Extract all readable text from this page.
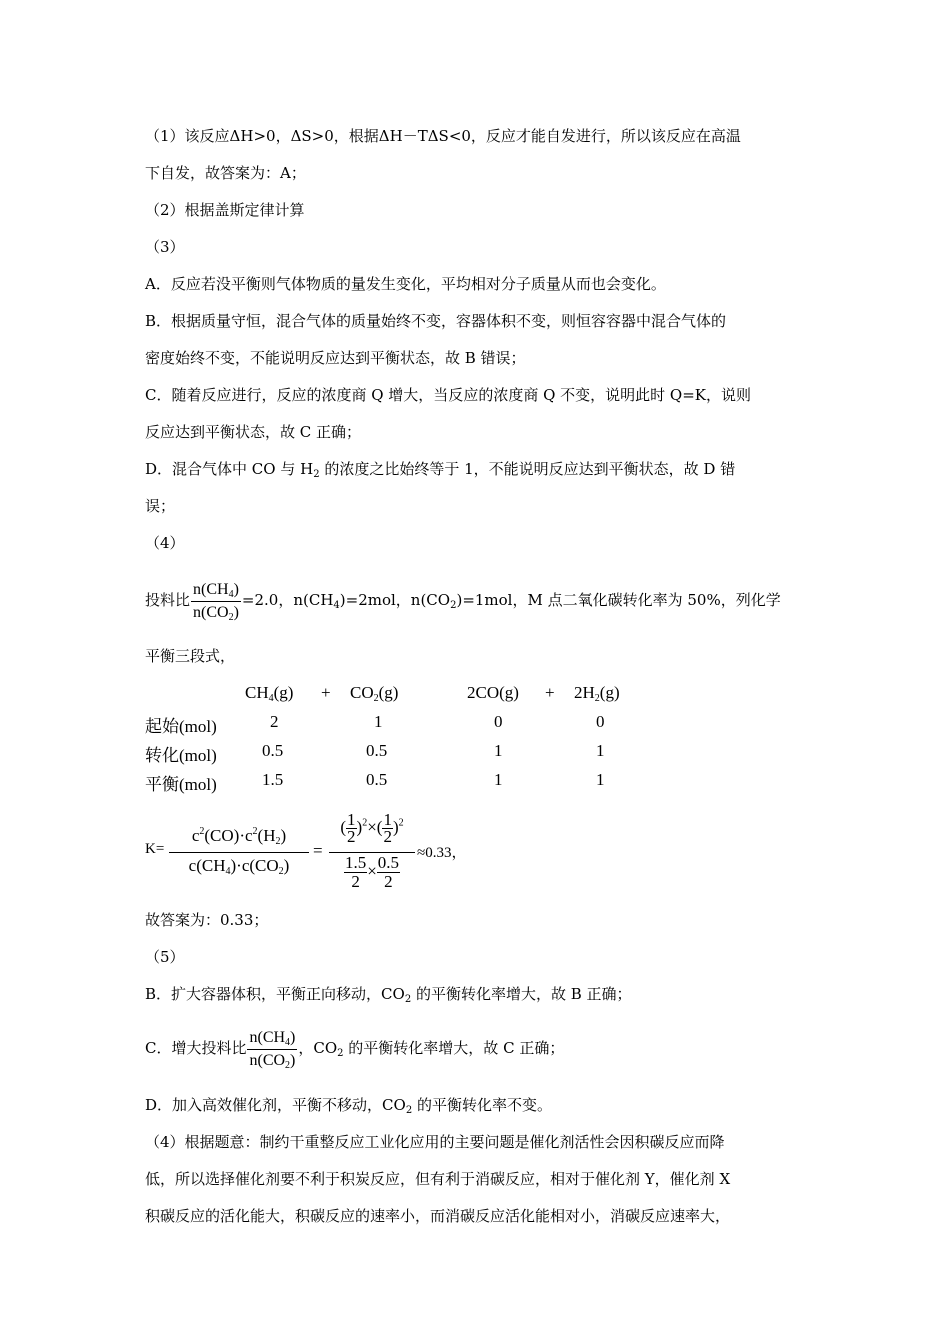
（1）该反应ΔH>0，ΔS>0，根据ΔH－TΔS<0，反应才能自发进行，所以该反应在高温
下自发，故答案为：A；
（2）根据盖斯定律计算
（3）
A．反应若没平衡则气体物质的量发生变化，平均相对分子质量从而也会变化。
B．根据质量守恒，混合气体的质量始终不变，容器体积不变，则恒容容器中混合气体的
密度始终不变，不能说明反应达到平衡状态，故 B 错误；
C．随着反应进行，反应的浓度商 Q 增大，当反应的浓度商 Q 不变，说明此时 Q=K，说则
反应达到平衡状态，故 C 正确；
D．混合气体中 CO 与 $H_2$ 的浓度之比始终等于 1，不能说明反应达到平衡状态，故 D 错
误；
（4）
投料比 $\frac{n(CH_4)}{n(CO_2)} =2.0$，$n(CH_4)=2mol$，$n(CO_2)=1mol$，M 点二氧化碳转化率为 50%，列化学
平衡三段式，
$CH_4(g) + CO_2(g)$	$2CO(g) + 2H_2(g)$
起始(mol)	2	1	0	0
转化(mol)	0.5	0.5	1	1
平衡(mol)	1.5	0.5	1	1
K=
$c^2(CO)\cdot c^2(H_2)$
$c(CH_4)\cdot c(CO_2)$
=
( $\frac{1}{2} )^2\times( \frac{1}{2} )^2$
$\frac{1.5}{2} \times \frac{0.5}{2}$
≈0.33，
故答案为：0.33；
（5）
B．扩大容器体积，平衡正向移动，$CO_2$ 的平衡转化率增大，故 B 正确；
C．增大投料比 $\frac{n(CH_4)}{n(CO_2)}$ ，$CO_2$ 的平衡转化率增大，故 C 正确；
D．加入高效催化剂，平衡不移动，$CO_2$ 的平衡转化率不变。
（4）根据题意：制约干重整反应工业化应用的主要问题是催化剂活性会因积碳反应而降
低，所以选择催化剂要不利于积炭反应，但有利于消碳反应，相对于催化剂 Y，催化剂 X
积碳反应的活化能大，积碳反应的速率小，而消碳反应活化能相对小，消碳反应速率大，
